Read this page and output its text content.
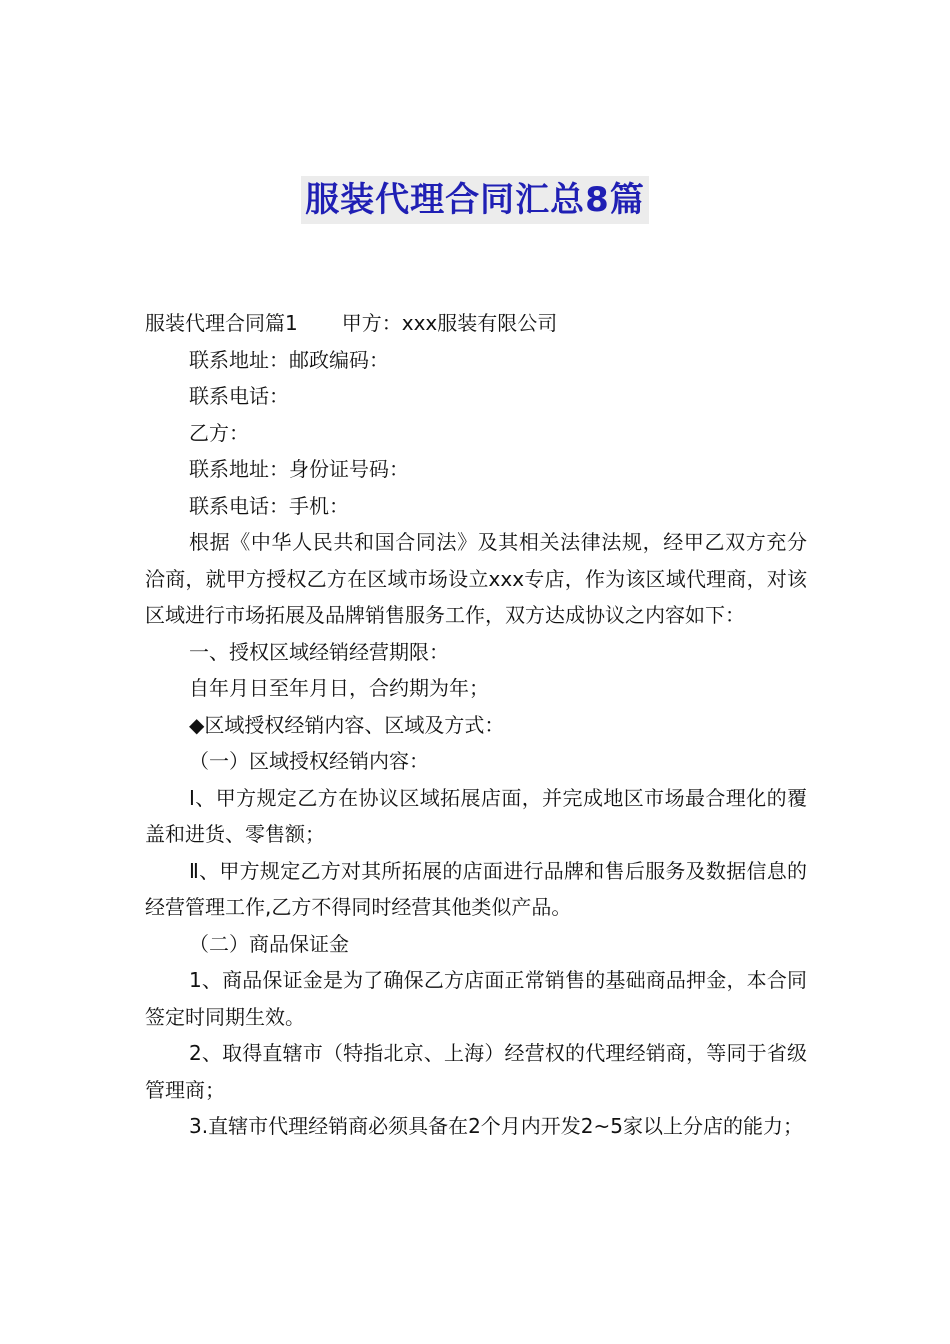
服装代理合同汇总8篇

服装代理合同篇1 甲方：xxx服装有限公司

联系地址：邮政编码：

联系电话：

乙方：

联系地址：身份证号码：

联系电话：手机：

根据《中华人民共和国合同法》及其相关法律法规，经甲乙双方充分洽商，就甲方授权乙方在区域市场设立xxx专店，作为该区域代理商，对该区域进行市场拓展及品牌销售服务工作，双方达成协议之内容如下：

一、授权区域经销经营期限：

自年月日至年月日，合约期为年；

◆区域授权经销内容、区域及方式：

（一）区域授权经销内容：

Ⅰ、甲方规定乙方在协议区域拓展店面，并完成地区市场最合理化的覆盖和进货、零售额；

Ⅱ、甲方规定乙方对其所拓展的店面进行品牌和售后服务及数据信息的经营管理工作,乙方不得同时经营其他类似产品。

（二）商品保证金

1、商品保证金是为了确保乙方店面正常销售的基础商品押金，本合同签定时同期生效。

2、取得直辖市（特指北京、上海）经营权的代理经销商，等同于省级管理商；

3.直辖市代理经销商必须具备在2个月内开发2~5家以上分店的能力；
